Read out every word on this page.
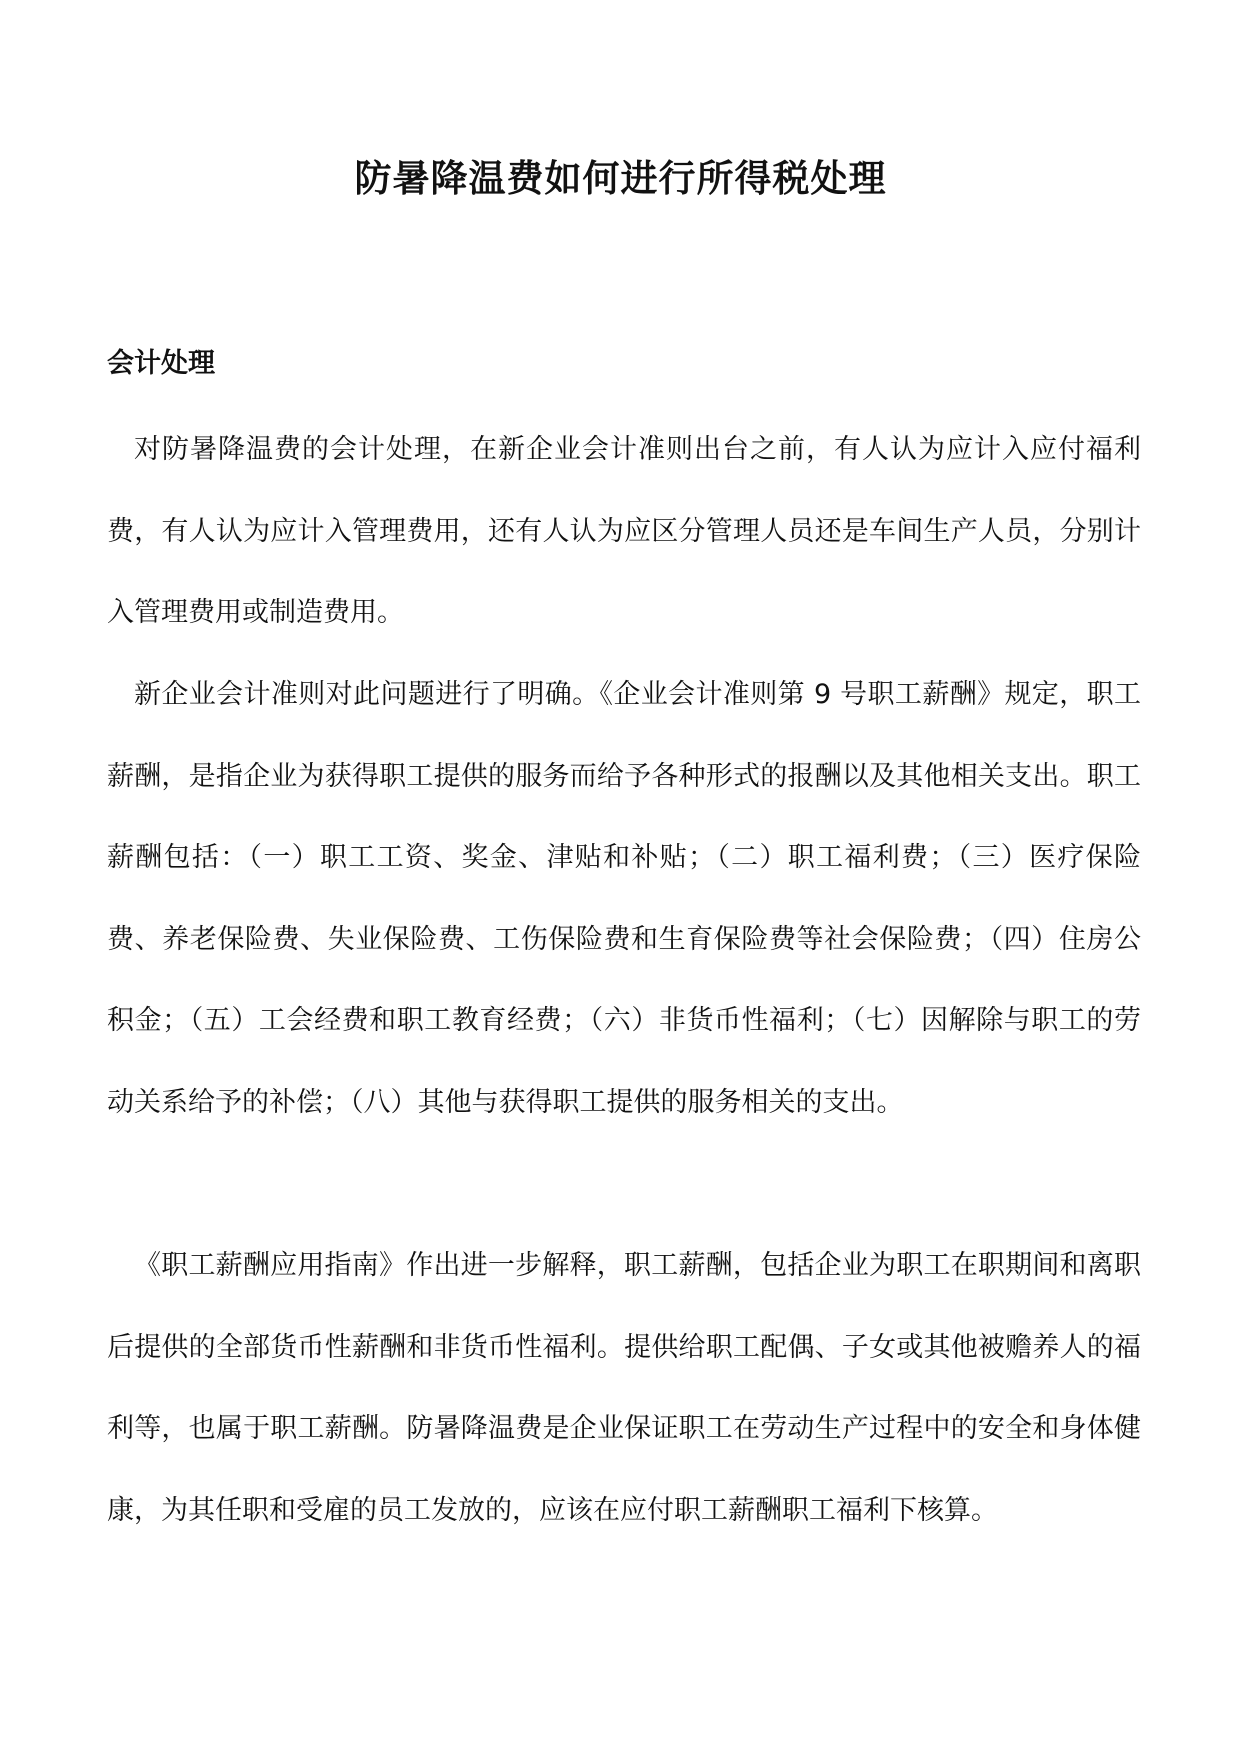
防暑降温费如何进行所得税处理
会计处理

对防暑降温费的会计处理，在新企业会计准则出台之前，有人认为应计入应付福利费，有人认为应计入管理费用，还有人认为应区分管理人员还是车间生产人员，分别计入管理费用或制造费用。

新企业会计准则对此问题进行了明确。《企业会计准则第 9 号职工薪酬》规定，职工薪酬，是指企业为获得职工提供的服务而给予各种形式的报酬以及其他相关支出。职工薪酬包括：（一）职工工资、奖金、津贴和补贴；（二）职工福利费；（三）医疗保险费、养老保险费、失业保险费、工伤保险费和生育保险费等社会保险费；（四）住房公积金；（五）工会经费和职工教育经费；（六）非货币性福利；（七）因解除与职工的劳动关系给予的补偿；（八）其他与获得职工提供的服务相关的支出。

《职工薪酬应用指南》作出进一步解释，职工薪酬，包括企业为职工在职期间和离职后提供的全部货币性薪酬和非货币性福利。提供给职工配偶、子女或其他被赡养人的福利等，也属于职工薪酬。防暑降温费是企业保证职工在劳动生产过程中的安全和身体健康，为其任职和受雇的员工发放的，应该在应付职工薪酬职工福利下核算。
